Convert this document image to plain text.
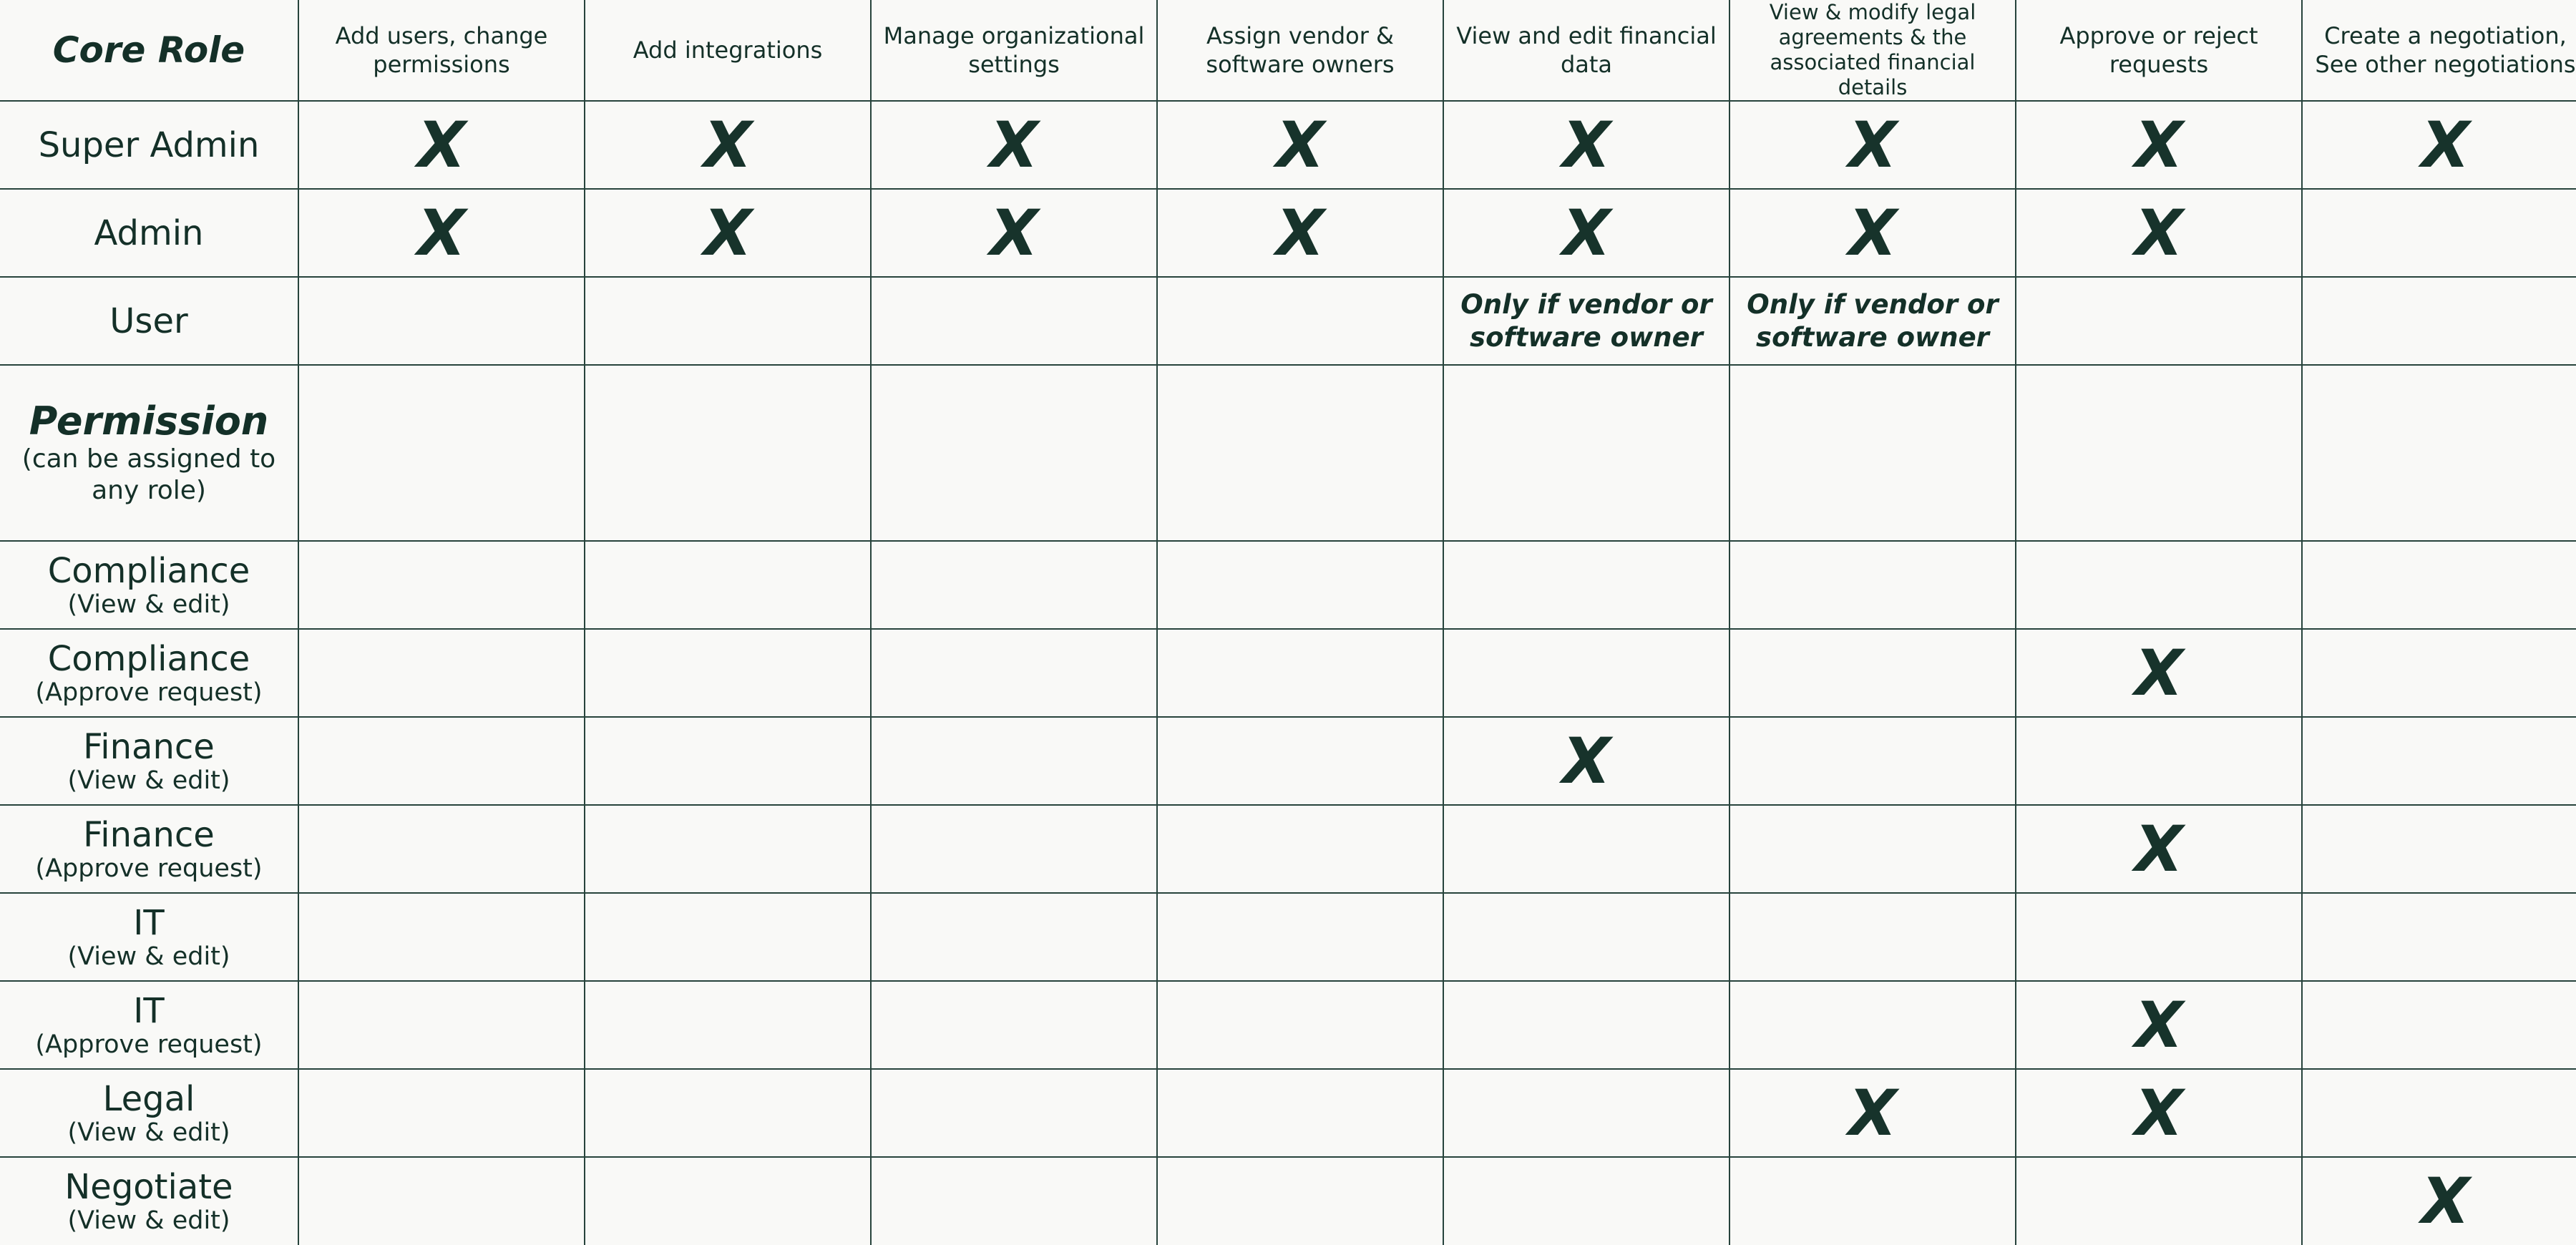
Core Role	Add users, change permissions	Add integrations	Manage organizational settings	Assign vendor & software owners	View and edit financial data	View & modify legal agreements & the associated financial details	Approve or reject requests	Create a negotiation, See other negotiations

Super Admin	X	X	X	X	X	X	X	X

Admin	X	X	X	X	X	X	X	

User					Only if vendor or software owner	Only if vendor or software owner		

Permission
(can be assigned to any role)								

Compliance
(View & edit)								

Compliance
(Approve request)							X	

Finance
(View & edit)					X			

Finance
(Approve request)							X	

IT
(View & edit)								

IT
(Approve request)							X	

Legal
(View & edit)						X	X	

Negotiate
(View & edit)								X
